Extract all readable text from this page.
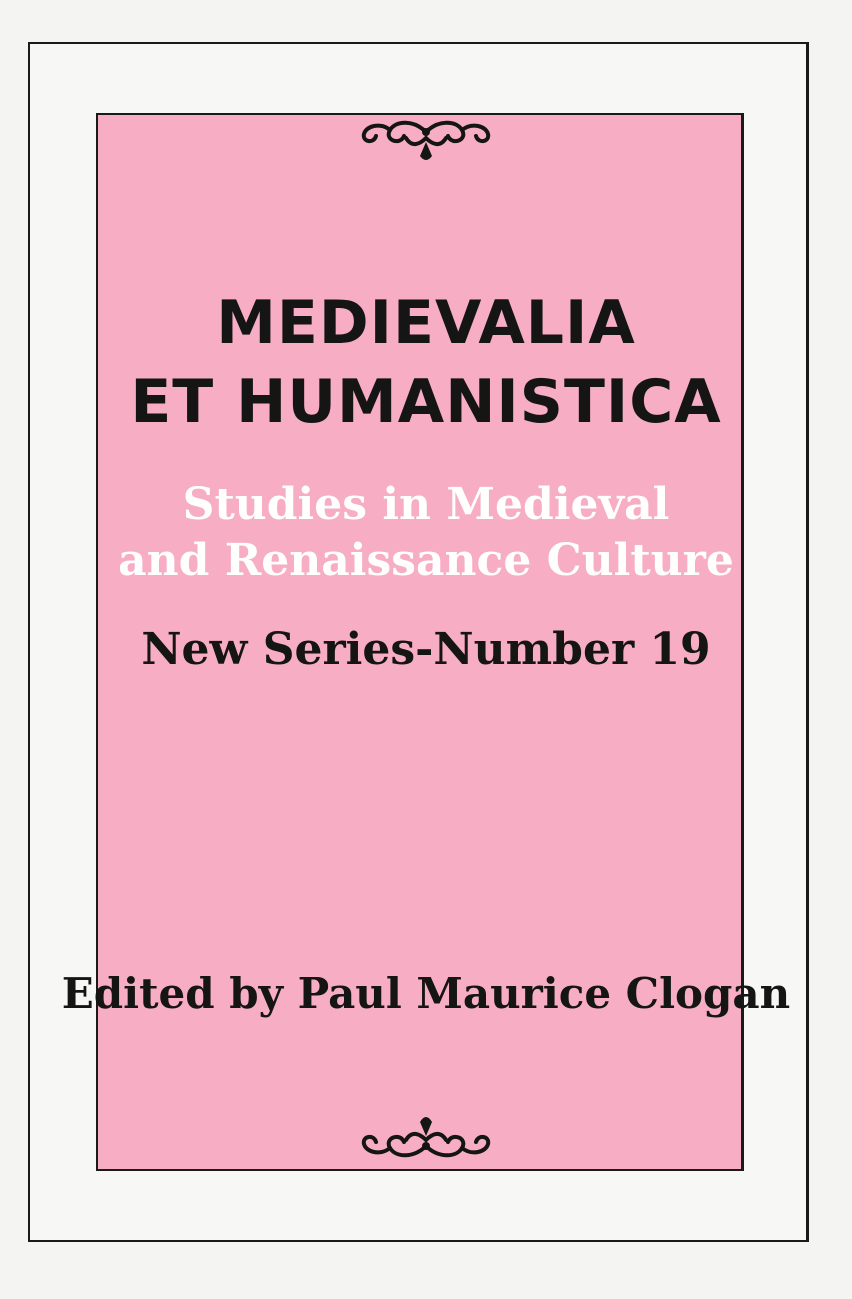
MEDIEVALIA
ET HUMANISTICA
Studies in Medieval
and Renaissance Culture
New Series-Number 19
Edited by Paul Maurice Clogan
